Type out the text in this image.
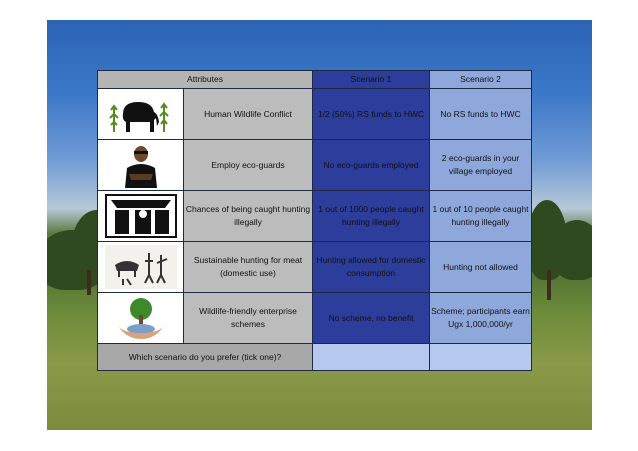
Attributes		Scenario 1	Scenario 2

	Human Wildlife Conflict	1/2 (50%) RS funds to HWC	No RS funds to HWC

	Employ eco-guards	No eco-guards employed	2 eco-guards in your village employed

	Chances of being caught hunting illegally	1 out of 1000 people caught hunting illegally	1 out of 10 people caught hunting illegally

	Sustainable hunting for meat (domestic use)	Hunting allowed for domestic consumption	Hunting not allowed

	Wildlife-friendly enterprise schemes	No scheme, no benefit	Scheme; participants earn Ugx 1,000,000/yr
Which scenario do you prefer (tick one)?			
